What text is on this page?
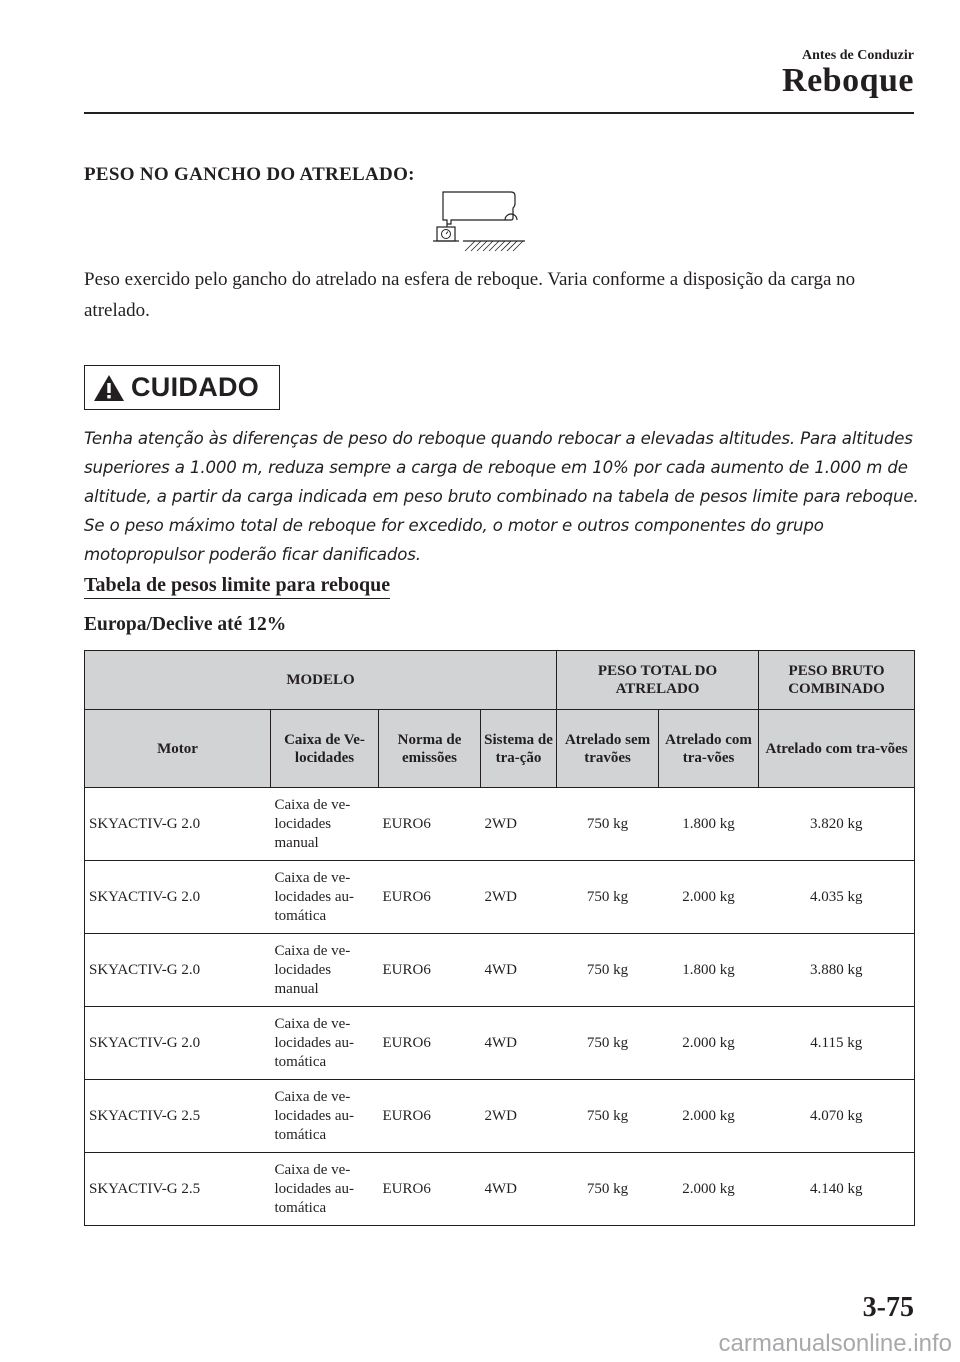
Antes de Conduzir
Reboque
PESO NO GANCHO DO ATRELADO:
Peso exercido pelo gancho do atrelado na esfera de reboque. Varia conforme a disposição da carga no atrelado.
CUIDADO
Tenha atenção às diferenças de peso do reboque quando rebocar a elevadas altitudes. Para altitudes superiores a 1.000 m, reduza sempre a carga de reboque em 10% por cada aumento de 1.000 m de altitude, a partir da carga indicada em peso bruto combinado na tabela de pesos limite para reboque. Se o peso máximo total de reboque for excedido, o motor e outros componentes do grupo motopropulsor poderão ficar danificados.
Tabela de pesos limite para reboque
Europa/Declive até 12%
MODELO				PESO TOTAL DO ATRELADO		PESO BRUTO COMBINADO
Motor	Caixa de Ve-locidades	Norma de emissões	Sistema de tra-ção	Atrelado sem travões	Atrelado com tra-vões	Atrelado com tra-vões
SKYACTIV-G 2.0	Caixa de ve-locidades manual	EURO6	2WD	750 kg	1.800 kg	3.820 kg
SKYACTIV-G 2.0	Caixa de ve-locidades au-tomática	EURO6	2WD	750 kg	2.000 kg	4.035 kg
SKYACTIV-G 2.0	Caixa de ve-locidades manual	EURO6	4WD	750 kg	1.800 kg	3.880 kg
SKYACTIV-G 2.0	Caixa de ve-locidades au-tomática	EURO6	4WD	750 kg	2.000 kg	4.115 kg
SKYACTIV-G 2.5	Caixa de ve-locidades au-tomática	EURO6	2WD	750 kg	2.000 kg	4.070 kg
SKYACTIV-G 2.5	Caixa de ve-locidades au-tomática	EURO6	4WD	750 kg	2.000 kg	4.140 kg
3-75
carmanualsonline.info
